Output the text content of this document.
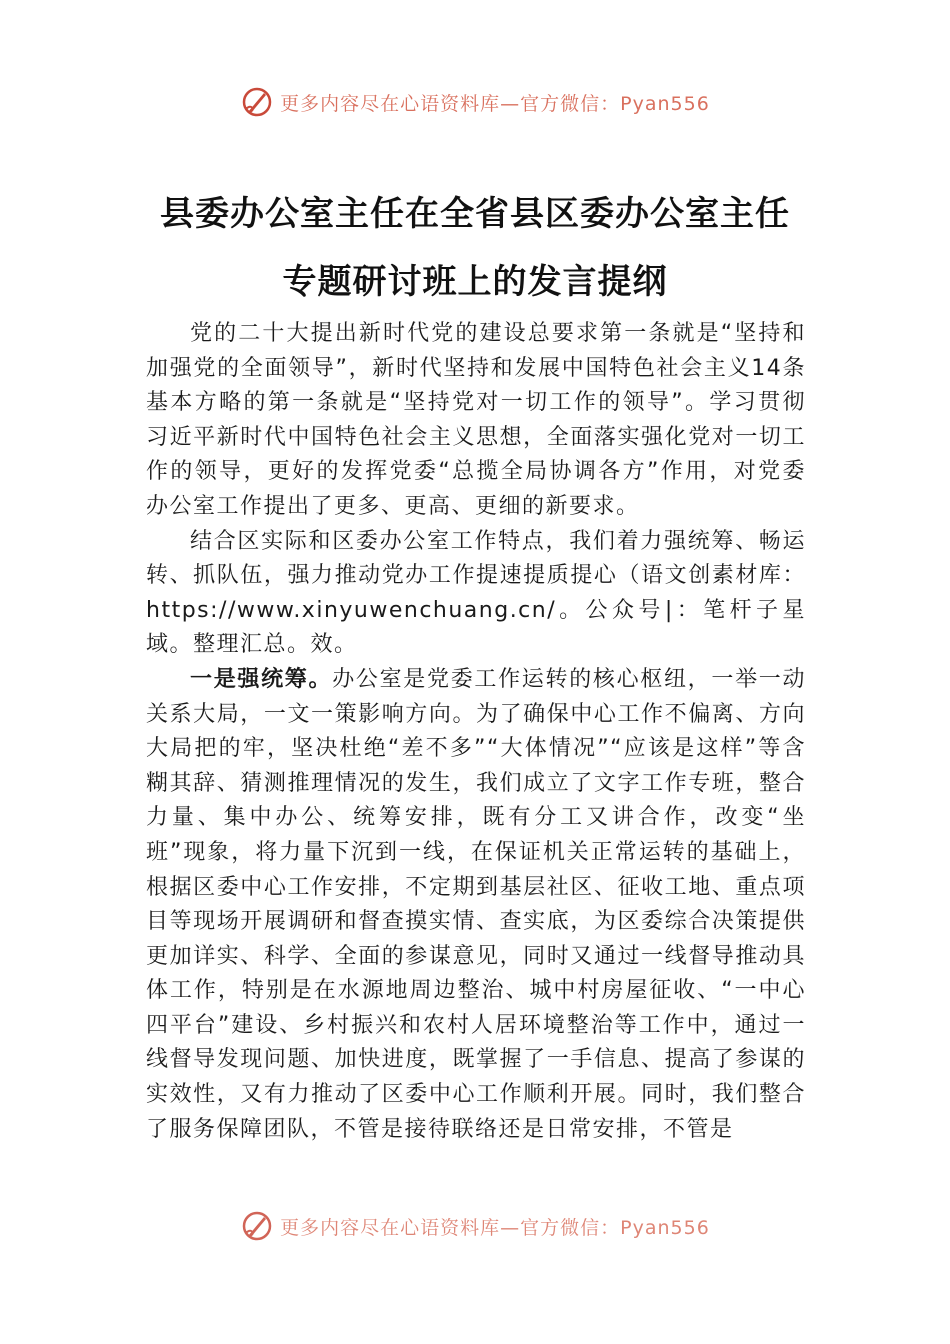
更多内容尽在心语资料库—官方微信：Pyan556
县委办公室主任在全省县区委办公室主任
专题研讨班上的发言提纲

党的二十大提出新时代党的建设总要求第一条就是“坚持和加强党的全面领导”，新时代坚持和发展中国特色社会主义14条基本方略的第一条就是“坚持党对一切工作的领导”。学习贯彻习近平新时代中国特色社会主义思想，全面落实强化党对一切工作的领导，更好的发挥党委“总揽全局协调各方”作用，对党委办公室工作提出了更多、更高、更细的新要求。

结合区实际和区委办公室工作特点，我们着力强统筹、畅运转、抓队伍，强力推动党办工作提速提质提心（语文创素材库：https://www.xinyuwenchuang.cn/。公众号|：笔杆子星域。整理汇总。效。

一是强统筹。办公室是党委工作运转的核心枢纽，一举一动关系大局，一文一策影响方向。为了确保中心工作不偏离、方向大局把的牢，坚决杜绝“差不多”“大体情况”“应该是这样”等含糊其辞、猜测推理情况的发生，我们成立了文字工作专班，整合力量、集中办公、统筹安排，既有分工又讲合作，改变“坐班”现象，将力量下沉到一线，在保证机关正常运转的基础上，根据区委中心工作安排，不定期到基层社区、征收工地、重点项目等现场开展调研和督查摸实情、查实底，为区委综合决策提供更加详实、科学、全面的参谋意见，同时又通过一线督导推动具体工作，特别是在水源地周边整治、城中村房屋征收、“一中心四平台”建设、乡村振兴和农村人居环境整治等工作中，通过一线督导发现问题、加快进度，既掌握了一手信息、提高了参谋的实效性，又有力推动了区委中心工作顺利开展。同时，我们整合了服务保障团队，不管是接待联络还是日常安排，不管是

更多内容尽在心语资料库—官方微信：Pyan556
